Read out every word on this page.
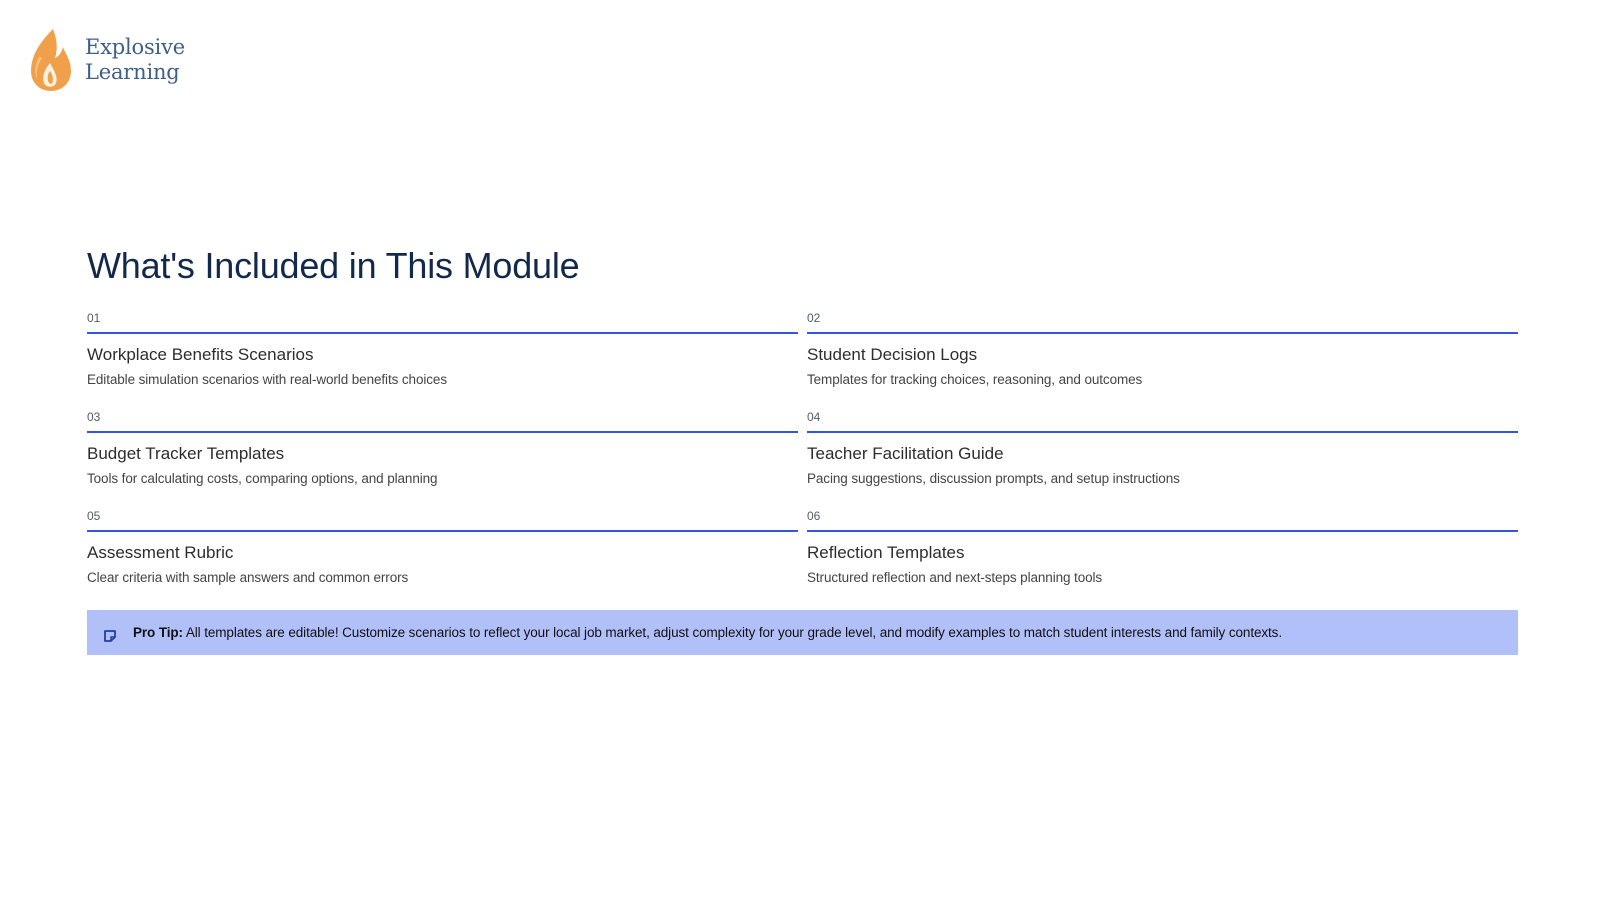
Explosive
Learning
What's Included in This Module
01
Workplace Benefits Scenarios
Editable simulation scenarios with real-world benefits choices
02
Student Decision Logs
Templates for tracking choices, reasoning, and outcomes
03
Budget Tracker Templates
Tools for calculating costs, comparing options, and planning
04
Teacher Facilitation Guide
Pacing suggestions, discussion prompts, and setup instructions
05
Assessment Rubric
Clear criteria with sample answers and common errors
06
Reflection Templates
Structured reflection and next-steps planning tools
Pro Tip: All templates are editable! Customize scenarios to reflect your local job market, adjust complexity for your grade level, and modify examples to match student interests and family contexts.
